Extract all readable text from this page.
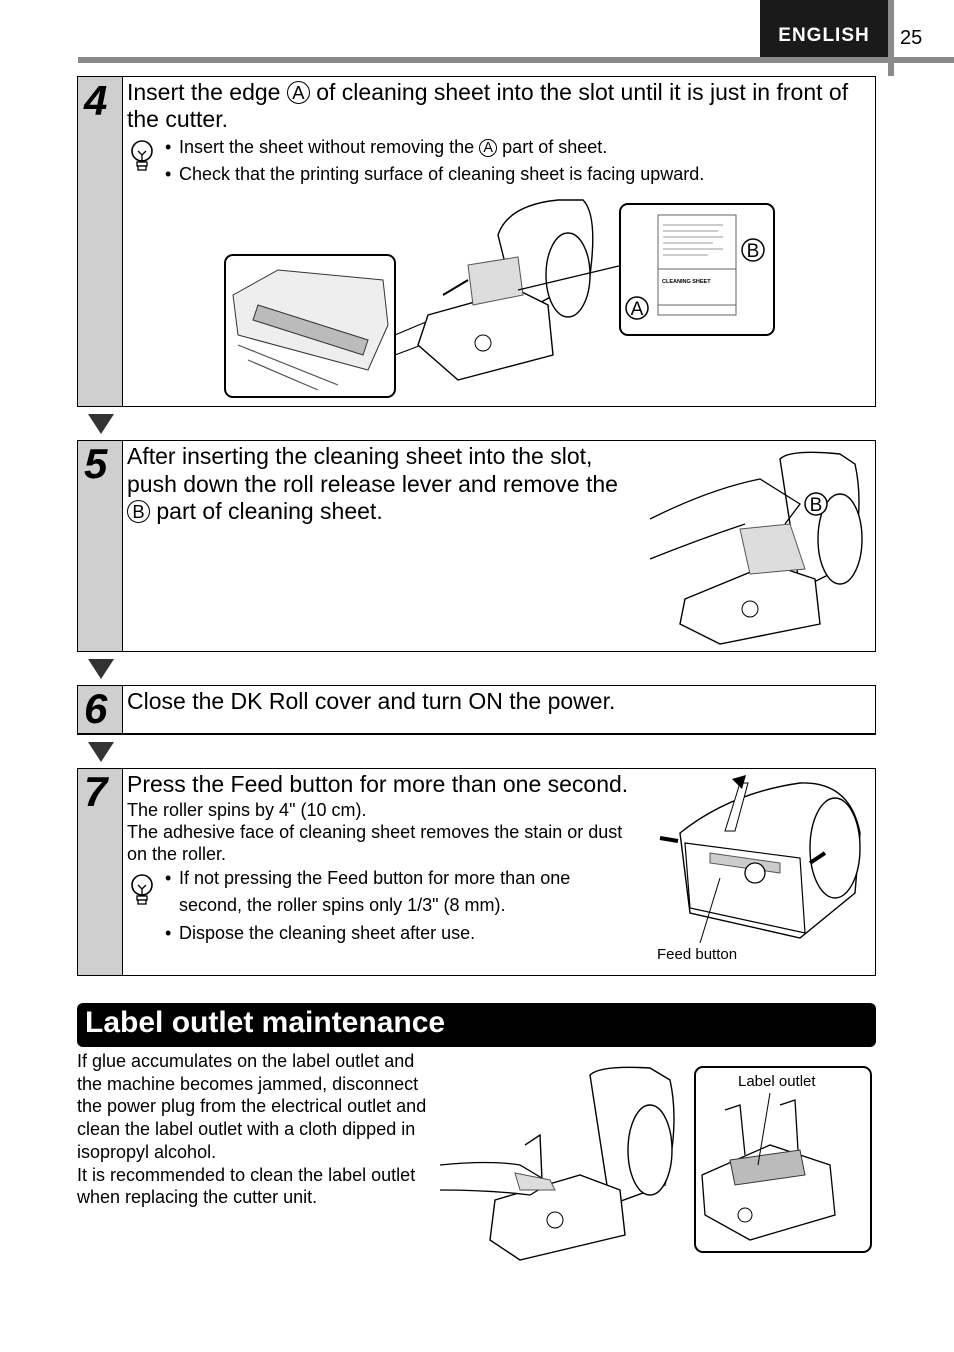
ENGLISH	25
4 Insert the edge A of cleaning sheet into the slot until it is just in front of the cutter.
• Insert the sheet without removing the A part of sheet.
• Check that the printing surface of cleaning sheet is facing upward.
CLEANING SHEET
B
A
5 After inserting the cleaning sheet into the slot, push down the roll release lever and remove the B part of cleaning sheet.	B
6 Close the DK Roll cover and turn ON the power.
7 Press the Feed button for more than one second.
The roller spins by 4" (10 cm).
The adhesive face of cleaning sheet removes the stain or dust on the roller.
• If not pressing the Feed button for more than one second, the roller spins only 1/3" (8 mm).
• Dispose the cleaning sheet after use.
Feed button
Label outlet maintenance
If glue accumulates on the label outlet and the machine becomes jammed, disconnect the power plug from the electrical outlet and clean the label outlet with a cloth dipped in isopropyl alcohol.
It is recommended to clean the label outlet when replacing the cutter unit.
Label outlet
